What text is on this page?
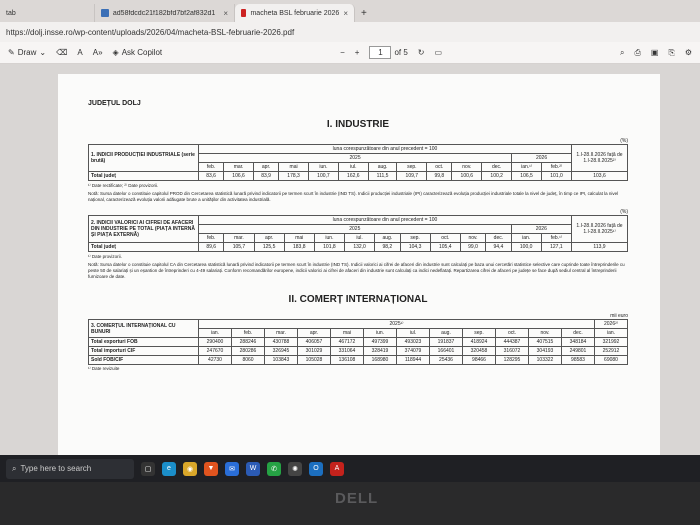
tab	ad58fdcdc21f182bfd7bf2af832d1	×	macheta BSL februarie 2026 × +
https://dolj.insse.ro/wp-content/uploads/2026/04/macheta-BSL-februarie-2026.pdf
✎ Draw ⌄ ⌫ A A» ◈ Ask Copilot	− +	1	of 5 ↻ ▭	⌕ ⎙ ▣ ⎘ ⚙
JUDEȚUL DOLJ
I. INDUSTRIE
(%)
1. INDICII PRODUCȚIEI INDUSTRIALE (serie brută)	luna corespunzătoare din anul precedent = 100													1.I-28.II.2026 față de 1.I-28.II.2025²⁾
	2025											2026		
	feb.	mar.	apr.	mai	iun.	iul.	aug.	sep.	oct.	nov.	dec.	ian.¹⁾	feb.²⁾	
Total județ	83,6	106,6	83,9	178,3	100,7	162,6	111,5	109,7	99,8	100,6	100,2	106,5	101,0	103,6
¹⁾ Date rectificate; ²⁾ Date provizorii.
Notă: Sursa datelor o constituie capitolul PROD din Cercetarea statistică lunară privind indicatorii pe termen scurt în industrie (IND TS). Indicii producției industriale (IPI) caracterizează evoluția producției industriale totale la nivel de județ, în timp ce IPI, calculat la nivel național, caracterizează evoluția valorii adăugate brute a unităților din activitatea industrială.
(%)
2. INDICII VALORICI AI CIFREI DE AFACERI DIN INDUSTRIE PE TOTAL (PIAȚA INTERNĂ ȘI PIAȚA EXTERNĂ)	luna corespunzătoare din anul precedent = 100													1.I-28.II.2026 față de 1.I-28.II.2025¹⁾
	2025											2026		
	feb.	mar.	apr.	mai	iun.	iul.	aug.	sep.	oct.	nov.	dec.	ian.	feb.¹⁾	
Total județ	89,6	105,7	125,5	183,8	101,8	132,0	98,2	104,3	105,4	99,0	94,4	100,0	127,1	113,9
¹⁾ Date provizorii.
Notă: Sursa datelor o constituie capitolul CA din Cercetarea statistică lunară privind indicatorii pe termen scurt în industrie (IND TS). Indicii valorici ai cifrei de afaceri din industrie sunt calculați pe baza unui cercetări statistice selective care cuprinde toate întreprinderile cu peste 50 de salariați și un eșantion de întreprinderi cu 4-49 salariați. Conform recomandărilor europene, indicii valorici ai cifrei de afaceri din industrie sunt calculați ca indici nedeflatați. Repartizarea cifrei de afaceri pe județe se face după sediul central al întreprinderii furnizoare de date.
II. COMERȚ INTERNAȚIONAL
mii euro
3. COMERȚUL INTERNAȚIONAL CU BUNURI	2025¹⁾												2026²⁾
	ian.	feb.	mar.	apr.	mai	iun.	iul.	aug.	sep.	oct.	nov.	dec.	ian.
Total exporturi FOB	290400	288246	430788	406057	467172	497399	493023	191837	418924	444387	407515	348184	321992
Total importuri CIF	247670	280286	326945	301029	331064	328419	374079	166401	320458	316072	304193	249801	252912
Sold FOB/CIF	42730	8060	103843	105028	136108	168980	118944	25436	98466	128295	103322	98583	69080
¹⁾ Date revizuite
⌕ Type here to search	▢	e	◉	▼	✉	W	✆	✺	O	A
DELL
